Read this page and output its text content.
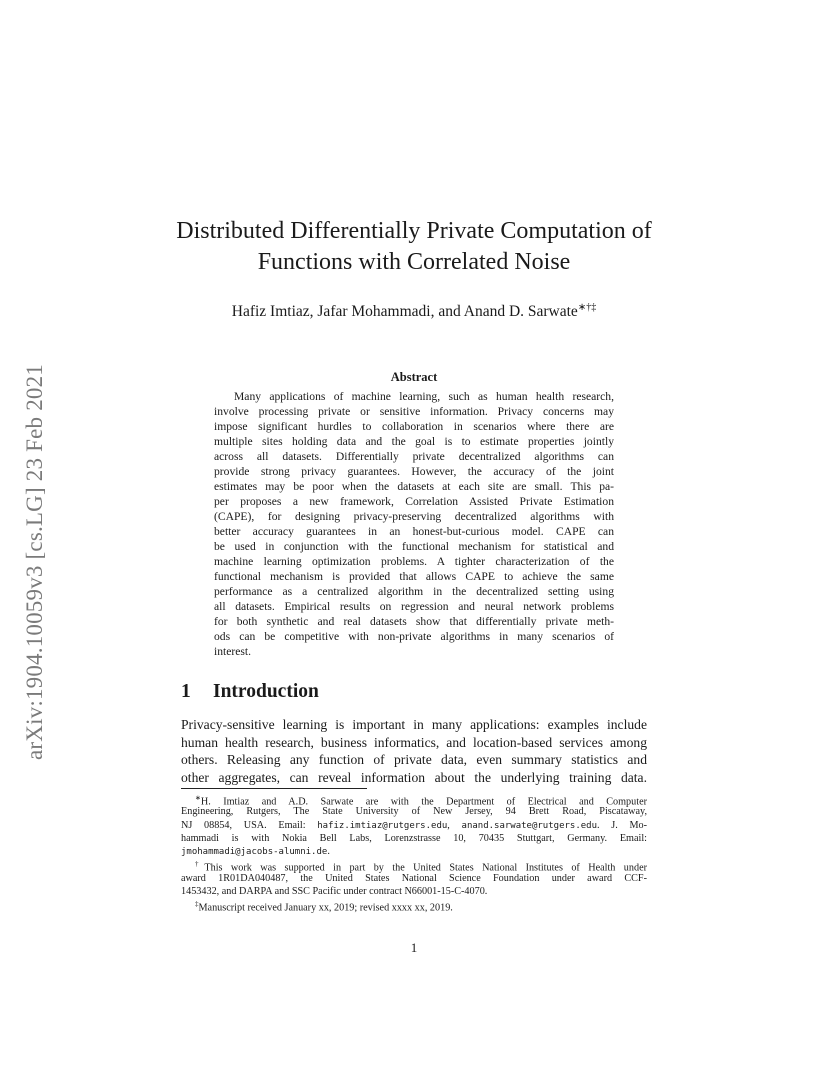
arXiv:1904.10059v3 [cs.LG] 23 Feb 2021
Distributed Differentially Private Computation of
Functions with Correlated Noise
Hafiz Imtiaz, Jafar Mohammadi, and Anand D. Sarwate∗†‡
Abstract
Many applications of machine learning, such as human health research,
involve processing private or sensitive information. Privacy concerns may
impose significant hurdles to collaboration in scenarios where there are
multiple sites holding data and the goal is to estimate properties jointly
across all datasets. Differentially private decentralized algorithms can
provide strong privacy guarantees. However, the accuracy of the joint
estimates may be poor when the datasets at each site are small. This pa-
per proposes a new framework, Correlation Assisted Private Estimation
(CAPE), for designing privacy-preserving decentralized algorithms with
better accuracy guarantees in an honest-but-curious model. CAPE can
be used in conjunction with the functional mechanism for statistical and
machine learning optimization problems. A tighter characterization of the
functional mechanism is provided that allows CAPE to achieve the same
performance as a centralized algorithm in the decentralized setting using
all datasets. Empirical results on regression and neural network problems
for both synthetic and real datasets show that differentially private meth-
ods can be competitive with non-private algorithms in many scenarios of
interest.
1 Introduction
Privacy-sensitive learning is important in many applications: examples include
human health research, business informatics, and location-based services among
others. Releasing any function of private data, even summary statistics and
other aggregates, can reveal information about the underlying training data.
∗H. Imtiaz and A.D. Sarwate are with the Department of Electrical and Computer
Engineering, Rutgers, The State University of New Jersey, 94 Brett Road, Piscataway,
NJ 08854, USA. Email: hafiz.imtiaz@rutgers.edu, anand.sarwate@rutgers.edu. J. Mo-
hammadi is with Nokia Bell Labs, Lorenzstrasse 10, 70435 Stuttgart, Germany. Email:
jmohammadi@jacobs-alumni.de.
†This work was supported in part by the United States National Institutes of Health under
award 1R01DA040487, the United States National Science Foundation under award CCF-
1453432, and DARPA and SSC Pacific under contract N66001-15-C-4070.
‡Manuscript received January xx, 2019; revised xxxx xx, 2019.
1
